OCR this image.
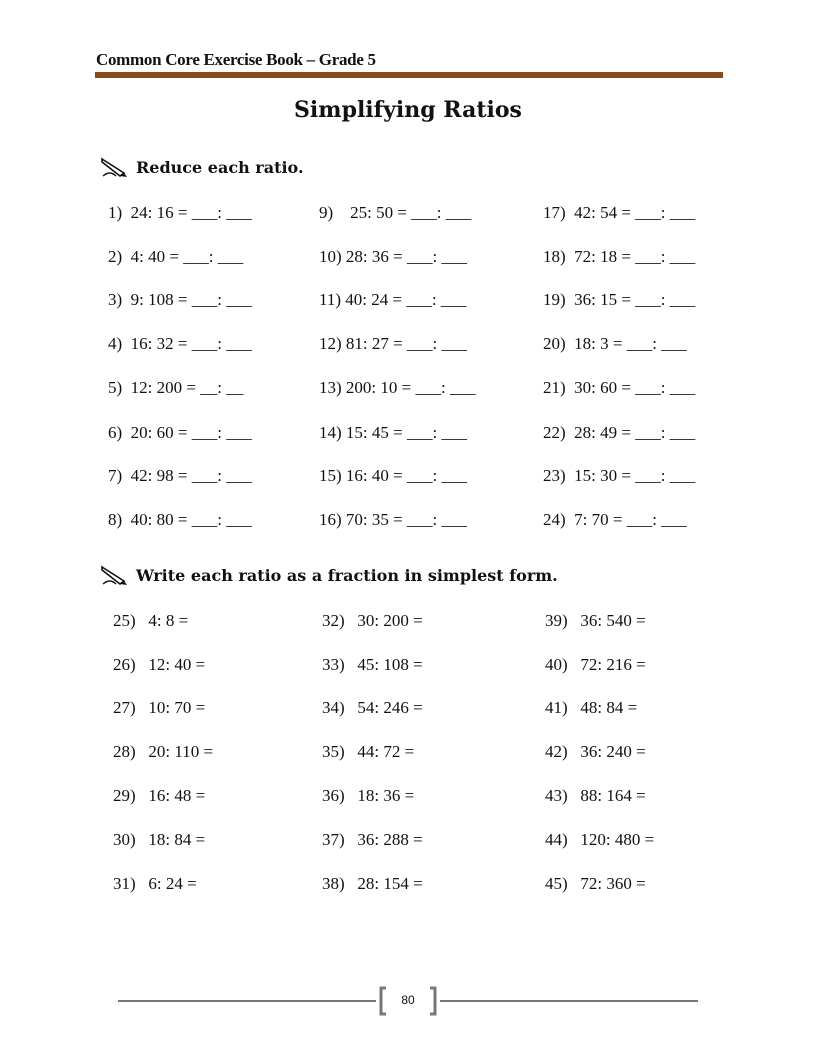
Common Core Exercise Book – Grade 5
Simplifying Ratios
Reduce each ratio.
1)  24: 16 = ___: ___
2)  4: 40 = ___: ___
3)  9: 108 = ___: ___
4)  16: 32 = ___: ___
5)  12: 200 = __: __
6)  20: 60 = ___: ___
7)  42: 98 = ___: ___
8)  40: 80 = ___: ___
9)    25: 50 = ___: ___
10) 28: 36 = ___: ___
11) 40: 24 = ___: ___
12) 81: 27 = ___: ___
13) 200: 10 = ___: ___
14) 15: 45 = ___: ___
15) 16: 40 = ___: ___
16) 70: 35 = ___: ___
17)  42: 54 = ___: ___
18)  72: 18 = ___: ___
19)  36: 15 = ___: ___
20)  18: 3 = ___: ___
21)  30: 60 = ___: ___
22)  28: 49 = ___: ___
23)  15: 30 = ___: ___
24)  7: 70 = ___: ___
Write each ratio as a fraction in simplest form.
25)   4: 8 =
26)   12: 40 =
27)   10: 70 =
28)   20: 110 =
29)   16: 48 =
30)   18: 84 =
31)   6: 24 =
32)   30: 200 =
33)   45: 108 =
34)   54: 246 =
35)   44: 72 =
36)   18: 36 =
37)   36: 288 =
38)   28: 154 =
39)   36: 540 =
40)   72: 216 =
41)   48: 84 =
42)   36: 240 =
43)   88: 164 =
44)   120: 480 =
45)   72: 360 =
80
